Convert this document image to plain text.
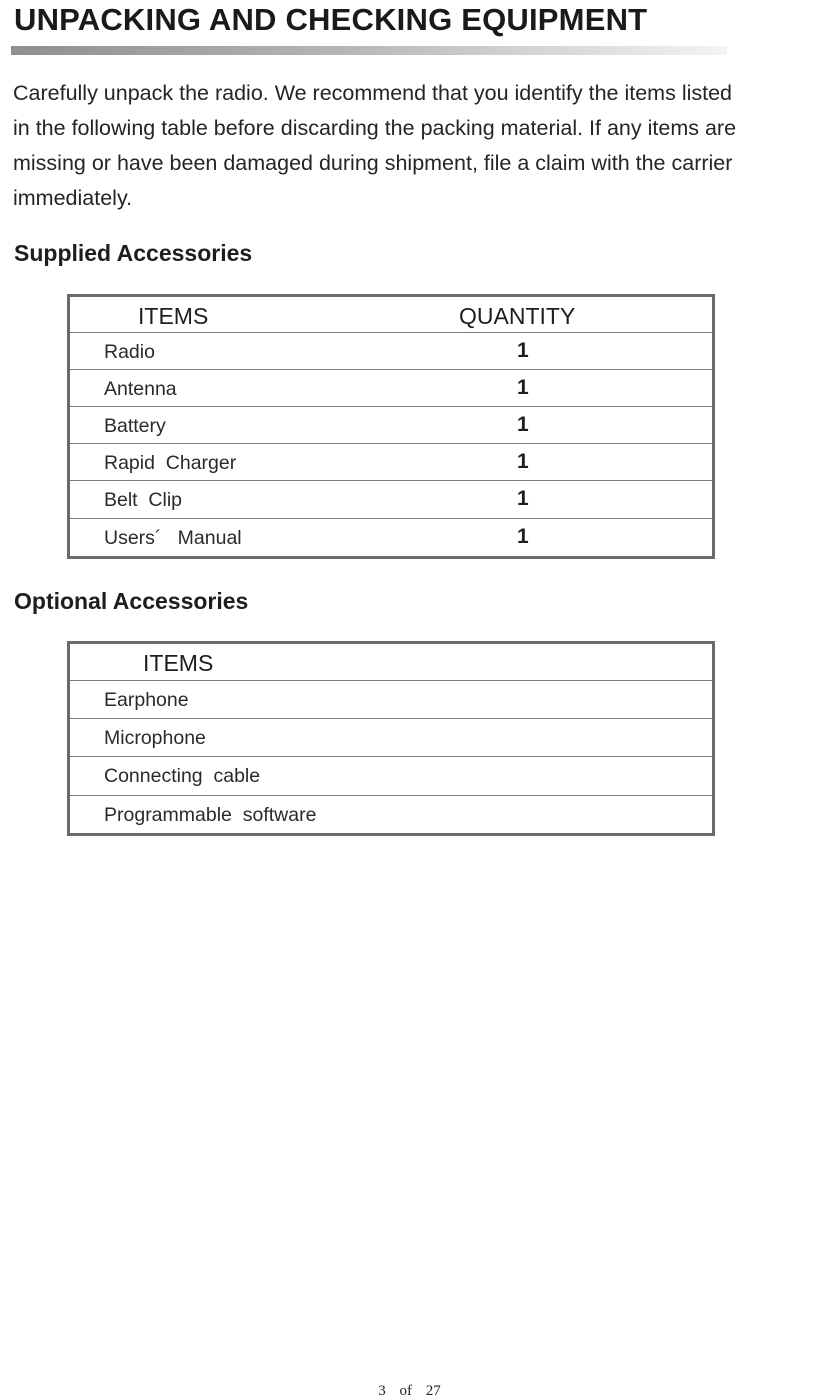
UNPACKING AND CHECKING EQUIPMENT
Carefully unpack the radio. We recommend that you identify the items listed
in the following table before discarding the packing material. If any items are
missing or have been damaged during shipment, file a claim with the carrier
immediately.
Supplied Accessories
ITEMS	QUANTITY
Radio	1
Antenna	1
Battery	1
Rapid  Charger	1
Belt  Clip	1
Users´   Manual	1
Optional Accessories
ITEMS
Earphone
Microphone
Connecting  cable
Programmable  software
3 of 27
